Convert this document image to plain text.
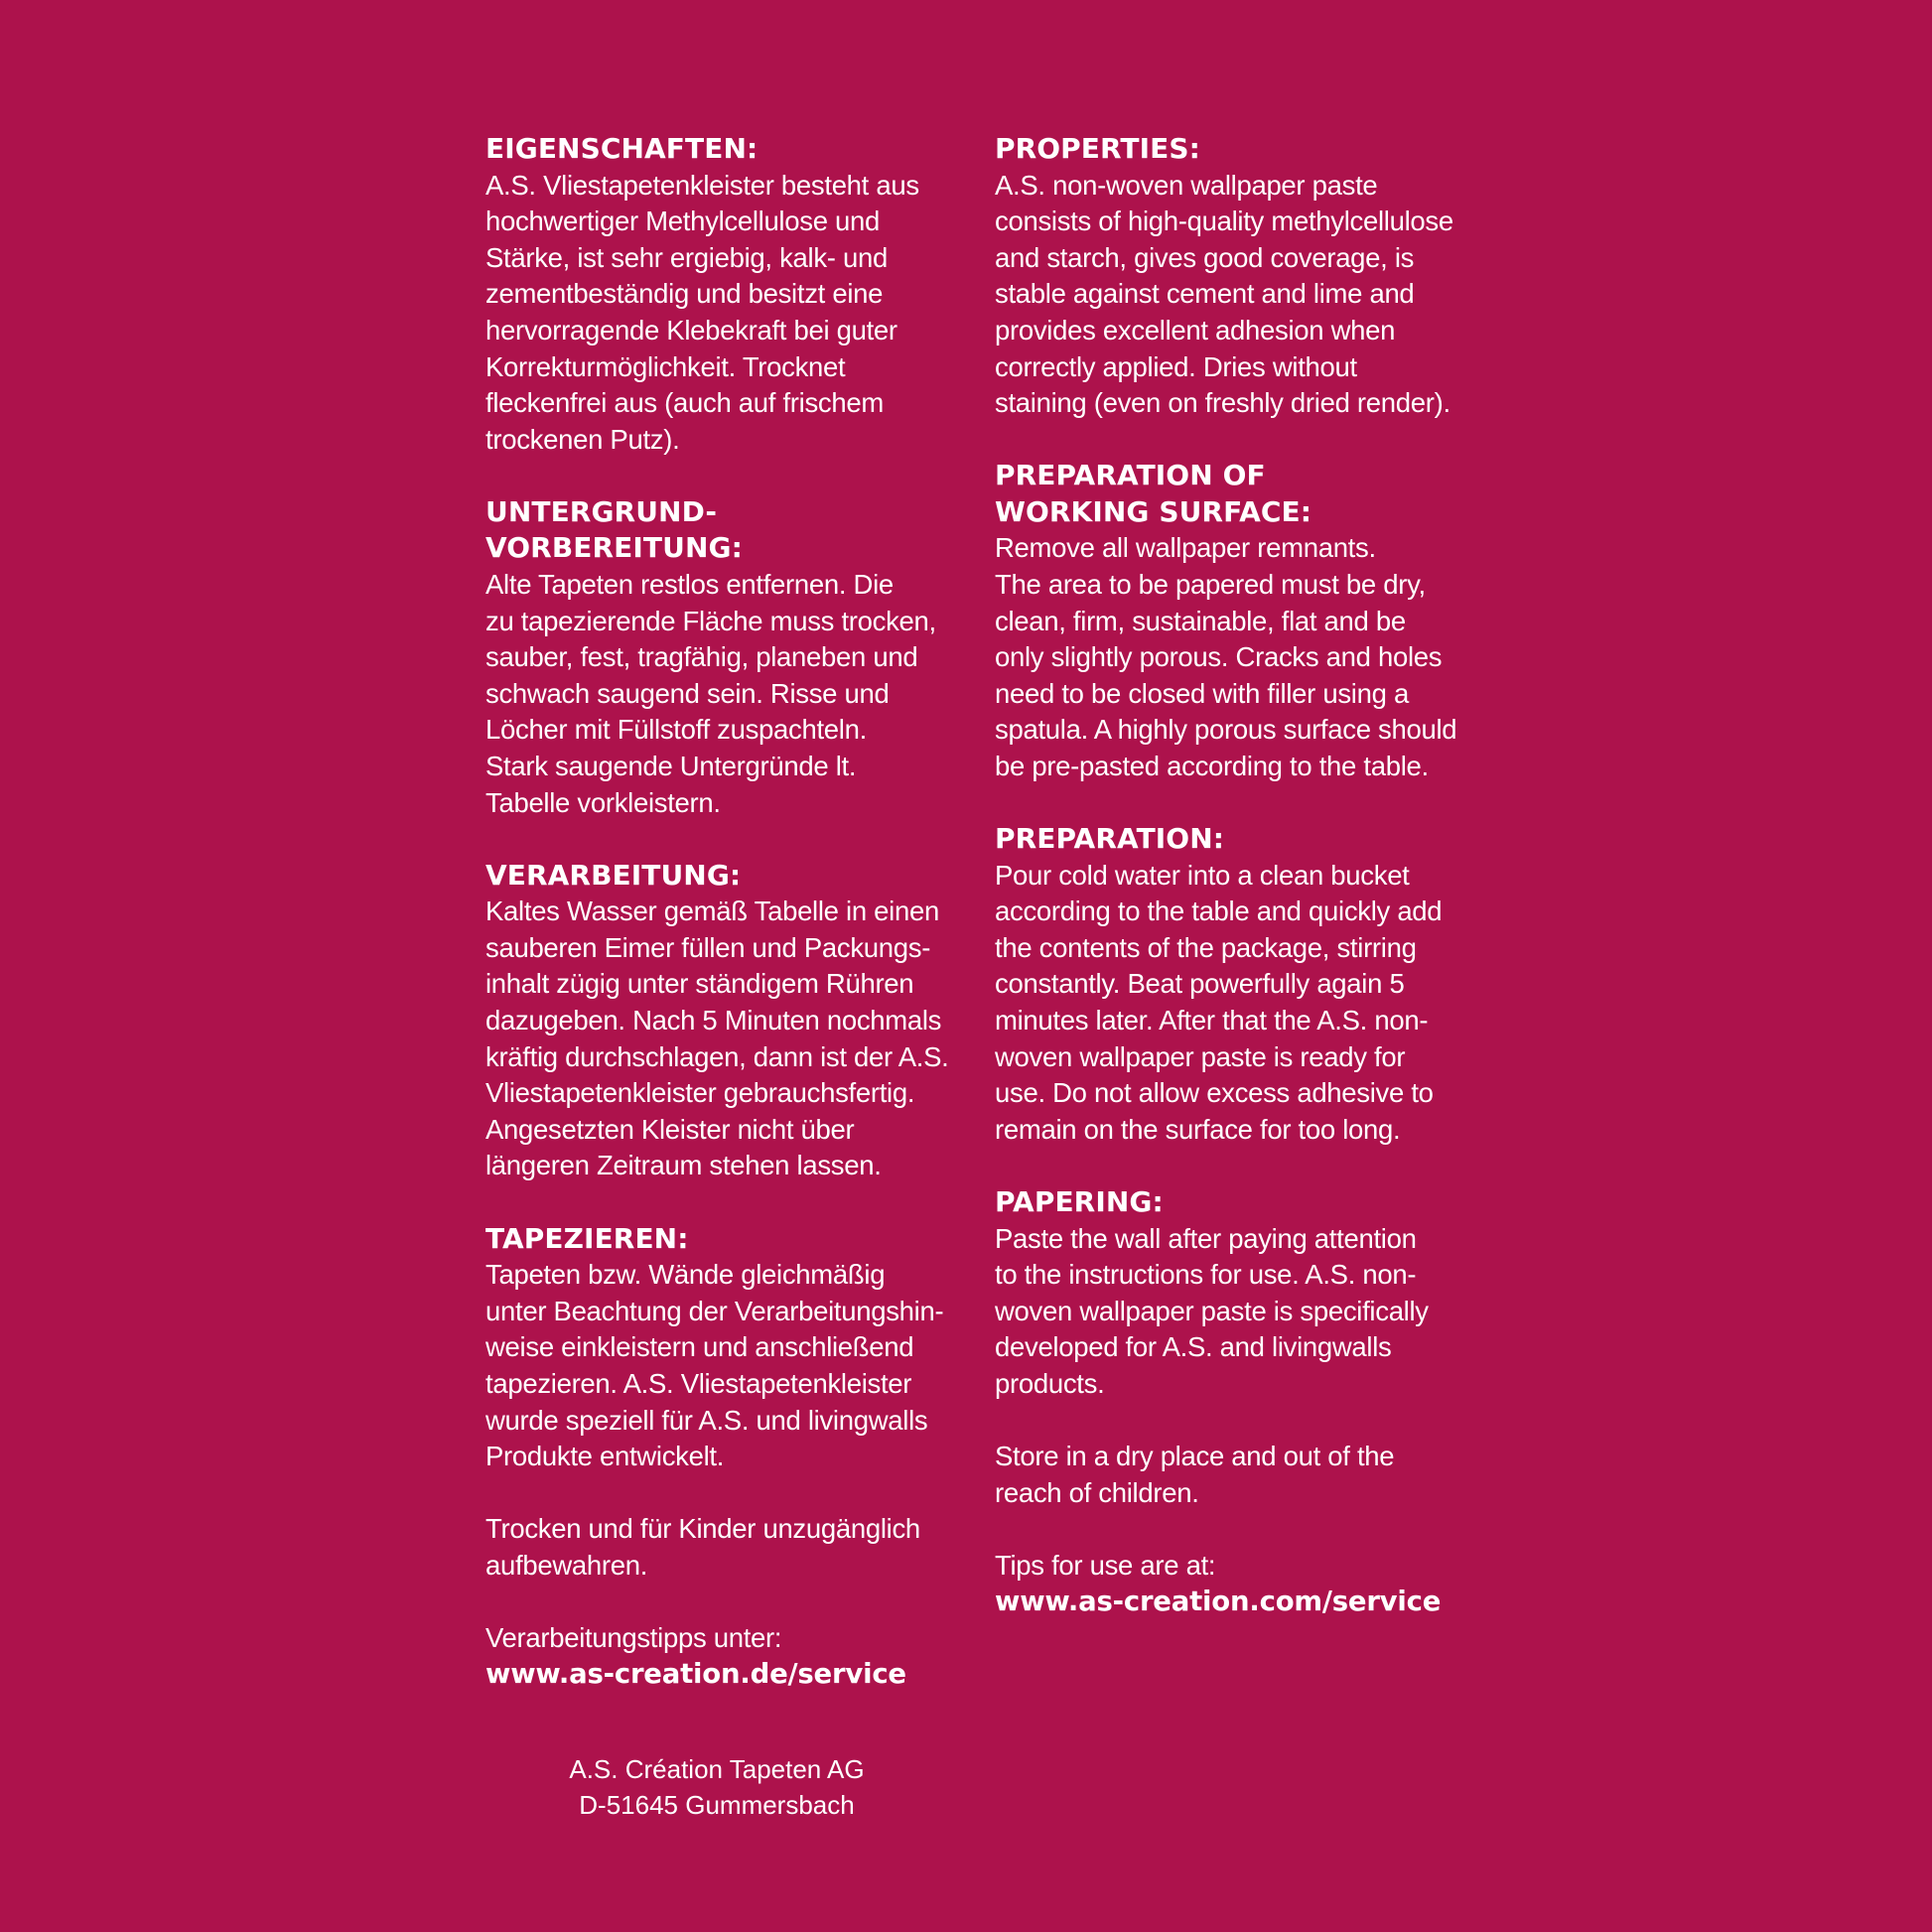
EIGENSCHAFTEN:
A.S. Vliestapetenkleister besteht aus
hochwertiger Methylcellulose und
Stärke, ist sehr ergiebig, kalk- und
zementbeständig und besitzt eine
hervorragende Klebekraft bei guter
Korrekturmöglichkeit. Trocknet
fleckenfrei aus (auch auf frischem
trockenen Putz).
UNTERGRUND-
VORBEREITUNG:
Alte Tapeten restlos entfernen. Die
zu tapezierende Fläche muss trocken,
sauber, fest, tragfähig, planeben und
schwach saugend sein. Risse und
Löcher mit Füllstoff zuspachteln.
Stark saugende Untergründe lt.
Tabelle vorkleistern.
VERARBEITUNG:
Kaltes Wasser gemäß Tabelle in einen
sauberen Eimer füllen und Packungs-
inhalt zügig unter ständigem Rühren
dazugeben. Nach 5 Minuten nochmals
kräftig durchschlagen, dann ist der A.S.
Vliestapetenkleister gebrauchsfertig.
Angesetzten Kleister nicht über
längeren Zeitraum stehen lassen.
TAPEZIEREN:
Tapeten bzw. Wände gleichmäßig
unter Beachtung der Verarbeitungshin-
weise einkleistern und anschließend
tapezieren. A.S. Vliestapetenkleister
wurde speziell für A.S. und livingwalls
Produkte entwickelt.
Trocken und für Kinder unzugänglich
aufbewahren.
Verarbeitungstipps unter:
www.as-creation.de/service
PROPERTIES:
A.S. non-woven wallpaper paste
consists of high-quality methylcellulose
and starch, gives good coverage, is
stable against cement and lime and
provides excellent adhesion when
correctly applied. Dries without
staining (even on freshly dried render).
PREPARATION OF
WORKING SURFACE:
Remove all wallpaper remnants.
The area to be papered must be dry,
clean, firm, sustainable, flat and be
only slightly porous. Cracks and holes
need to be closed with filler using a
spatula. A highly porous surface should
be pre-pasted according to the table.
PREPARATION:
Pour cold water into a clean bucket
according to the table and quickly add
the contents of the package, stirring
constantly. Beat powerfully again 5
minutes later. After that the A.S. non-
woven wallpaper paste is ready for
use. Do not allow excess adhesive to
remain on the surface for too long.
PAPERING:
Paste the wall after paying attention
to the instructions for use. A.S. non-
woven wallpaper paste is specifically
developed for A.S. and livingwalls
products.
Store in a dry place and out of the
reach of children.
Tips for use are at:
www.as-creation.com/service
A.S. Création Tapeten AG
D-51645 Gummersbach
